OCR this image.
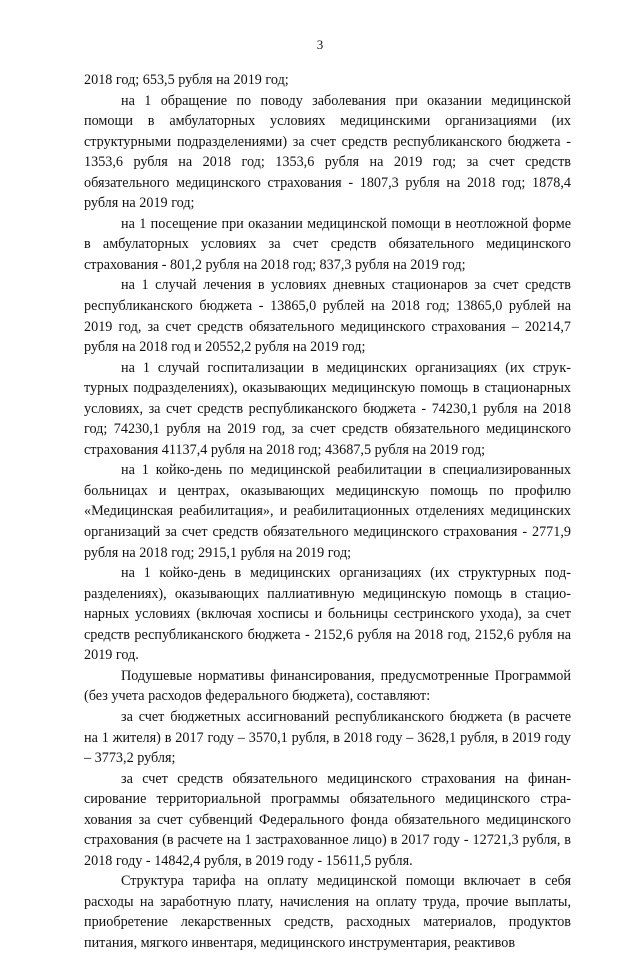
3

2018 год; 653,5 рубля на 2019 год;

на 1 обращение по поводу заболевания при оказании медицинской помощи в амбулаторных условиях медицинскими организациями (их структурными подразделениями) за счет средств республиканского бюджета - 1353,6 рубля на 2018 год; 1353,6 рубля на 2019 год; за счет средств обязательного медицинского страхования - 1807,3 рубля на 2018 год; 1878,4 рубля на 2019 год;

на 1 посещение при оказании медицинской помощи в неотложной форме в амбулаторных условиях за счет средств обязательного медицинского страхования - 801,2 рубля на 2018 год; 837,3 рубля на 2019 год;

на 1 случай лечения в условиях дневных стационаров за счет средств республиканского бюджета - 13865,0 рублей на 2018 год; 13865,0 рублей на 2019 год, за счет средств обязательного медицинского страхования – 20214,7 рубля на 2018 год и 20552,2 рубля на 2019 год;

на 1 случай госпитализации в медицинских организациях (их структурных подразделениях), оказывающих медицинскую помощь в стационарных условиях, за счет средств республиканского бюджета - 74230,1 рубля на 2018 год; 74230,1 рубля на 2019 год, за счет средств обязательного медицинского страхования 41137,4 рубля на 2018 год; 43687,5 рубля на 2019 год;

на 1 койко-день по медицинской реабилитации в специализированных больницах и центрах, оказывающих медицинскую помощь по профилю «Медицинская реабилитация», и реабилитационных отделениях медицинских организаций за счет средств обязательного медицинского страхования - 2771,9 рубля на 2018 год; 2915,1 рубля на 2019 год;

на 1 койко-день в медицинских организациях (их структурных подразделениях), оказывающих паллиативную медицинскую помощь в стационарных условиях (включая хосписы и больницы сестринского ухода), за счет средств республиканского бюджета - 2152,6 рубля на 2018 год, 2152,6 рубля на 2019 год.

Подушевые нормативы финансирования, предусмотренные Программой (без учета расходов федерального бюджета), составляют:

за счет бюджетных ассигнований республиканского бюджета (в расчете на 1 жителя) в 2017 году – 3570,1 рубля, в 2018 году – 3628,1 рубля, в 2019 году – 3773,2 рубля;

за счет средств обязательного медицинского страхования на финансирование территориальной программы обязательного медицинского страхования за счет субвенций Федерального фонда обязательного медицинского страхования (в расчете на 1 застрахованное лицо) в 2017 году - 12721,3 рубля, в 2018 году - 14842,4 рубля, в 2019 году - 15611,5 рубля.

Структура тарифа на оплату медицинской помощи включает в себя расходы на заработную плату, начисления на оплату труда, прочие выплаты, приобретение лекарственных средств, расходных материалов, продуктов питания, мягкого инвентаря, медицинского инструментария, реактивов
